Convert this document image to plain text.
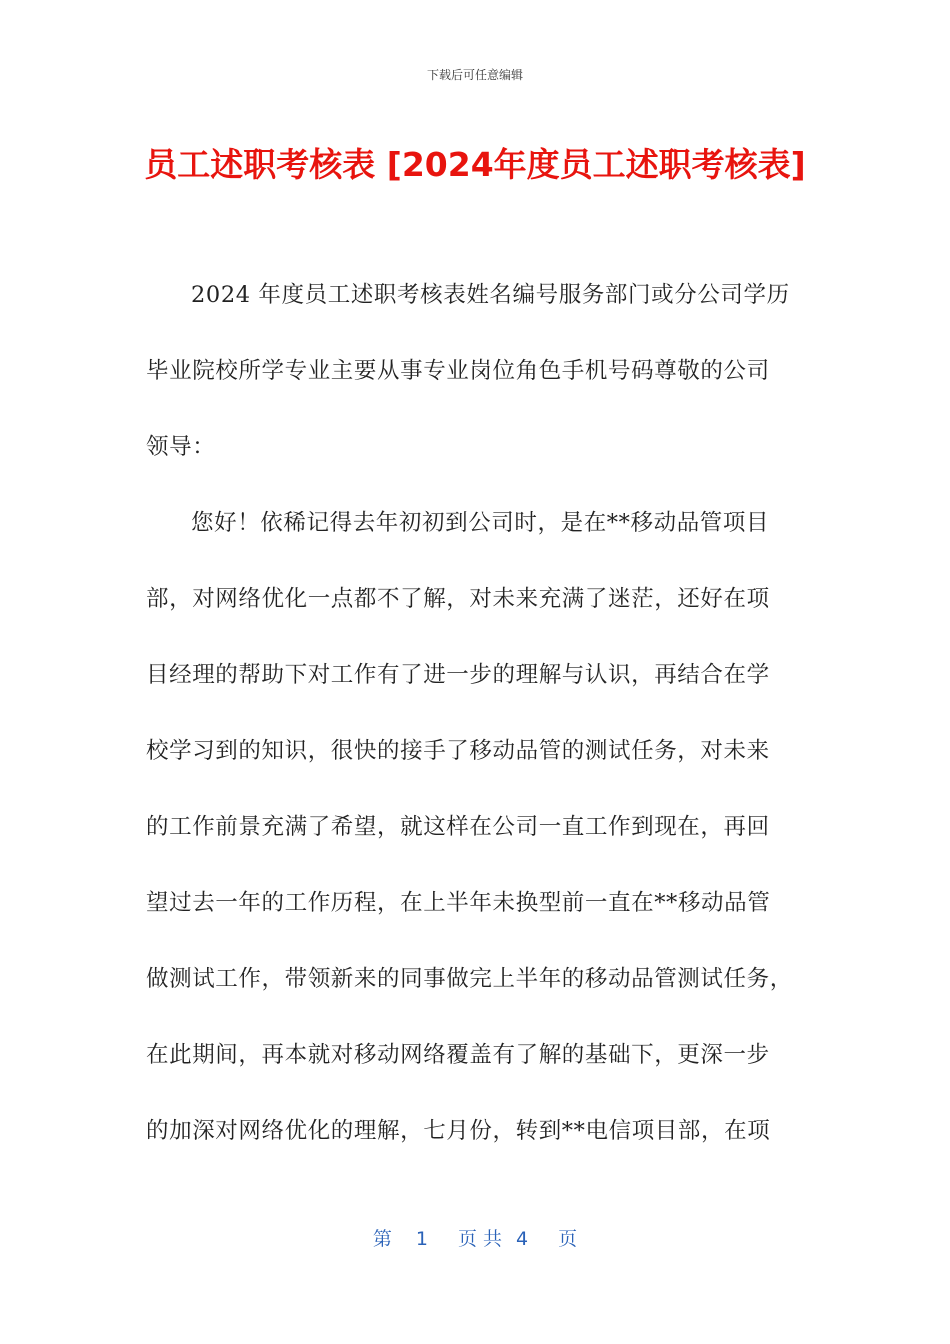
下载后可任意编辑
员工述职考核表 [2024年度员工述职考核表]
2024 年度员工述职考核表姓名编号服务部门或分公司学历
毕业院校所学专业主要从事专业岗位角色手机号码尊敬的公司
领导：
您好！依稀记得去年初初到公司时，是在**移动品管项目
部，对网络优化一点都不了解，对未来充满了迷茫，还好在项
目经理的帮助下对工作有了进一步的理解与认识，再结合在学
校学习到的知识，很快的接手了移动品管的测试任务，对未来
的工作前景充满了希望，就这样在公司一直工作到现在，再回
望过去一年的工作历程，在上半年未换型前一直在**移动品管
做测试工作，带领新来的同事做完上半年的移动品管测试任务，
在此期间，再本就对移动网络覆盖有了解的基础下，更深一步
的加深对网络优化的理解，七月份，转到**电信项目部，在项
第 1 页 共 4 页
